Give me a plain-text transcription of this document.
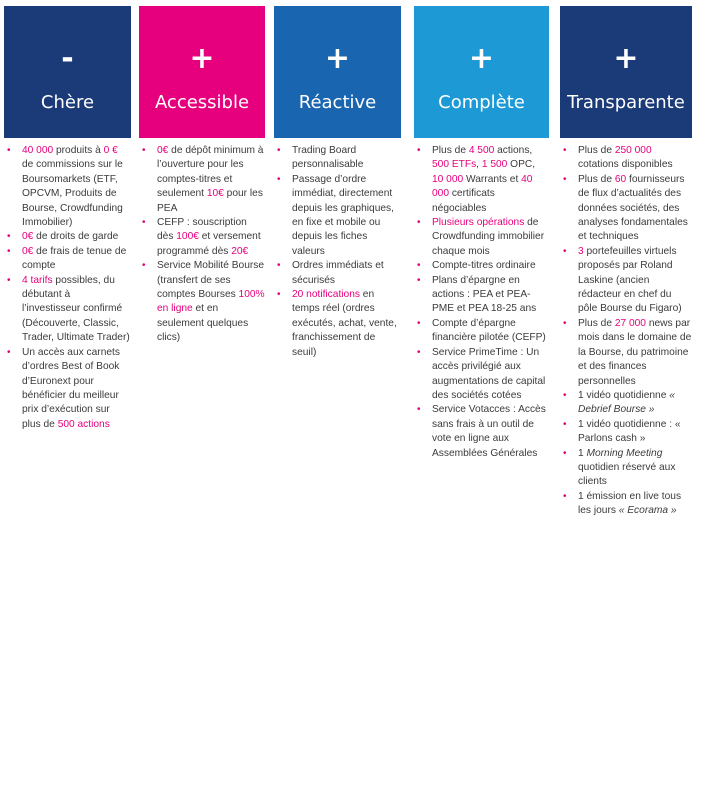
-
Chère
• 40 000 produits à 0 € de commissions sur le Boursomarkets (ETF, OPCVM, Produits de Bourse, Crowdfunding Immobilier)
• 0€ de droits de garde
• 0€ de frais de tenue de compte
• 4 tarifs possibles, du débutant à l’investisseur confirmé (Découverte, Classic, Trader, Ultimate Trader)
• Un accès aux carnets d’ordres Best of Book d’Euronext pour bénéficier du meilleur prix d’exécution sur plus de 500 actions
+
Accessible
• 0€ de dépôt minimum à l’ouverture pour les comptes-titres et seulement 10€ pour les PEA
• CEFP : souscription dès 100€ et versement programmé dès 20€
• Service Mobilité Bourse (transfert de ses comptes Bourses 100% en ligne et en seulement quelques clics)
+
Réactive
• Trading Board personnalisable
• Passage d’ordre immédiat, directement depuis les graphiques, en fixe et mobile ou depuis les fiches valeurs
• Ordres immédiats et sécurisés
• 20 notifications en temps réel (ordres exécutés, achat, vente, franchissement de seuil)
+
Complète
• Plus de 4 500 actions, 500 ETFs, 1 500 OPC, 10 000 Warrants et 40 000 certificats négociables
• Plusieurs opérations de Crowdfunding immobilier chaque mois
• Compte-titres ordinaire
• Plans d’épargne en actions : PEA et PEA-PME et PEA 18-25 ans
• Compte d’épargne financière pilotée (CEFP)
• Service PrimeTime : Un accès privilégié aux augmentations de capital des sociétés cotées
• Service Votacces : Accès sans frais à un outil de vote en ligne aux Assemblées Générales
+
Transparente
• Plus de 250 000 cotations disponibles
• Plus de 60 fournisseurs de flux d’actualités des données sociétés, des analyses fondamentales et techniques
• 3 portefeuilles virtuels proposés par Roland Laskine (ancien rédacteur en chef du pôle Bourse du Figaro)
• Plus de 27 000 news par mois dans le domaine de la Bourse, du patrimoine et des finances personnelles
• 1 vidéo quotidienne « Debrief Bourse »
• 1 vidéo quotidienne : « Parlons cash »
• 1 Morning Meeting quotidien réservé aux clients
• 1 émission en live tous les jours « Ecorama »
